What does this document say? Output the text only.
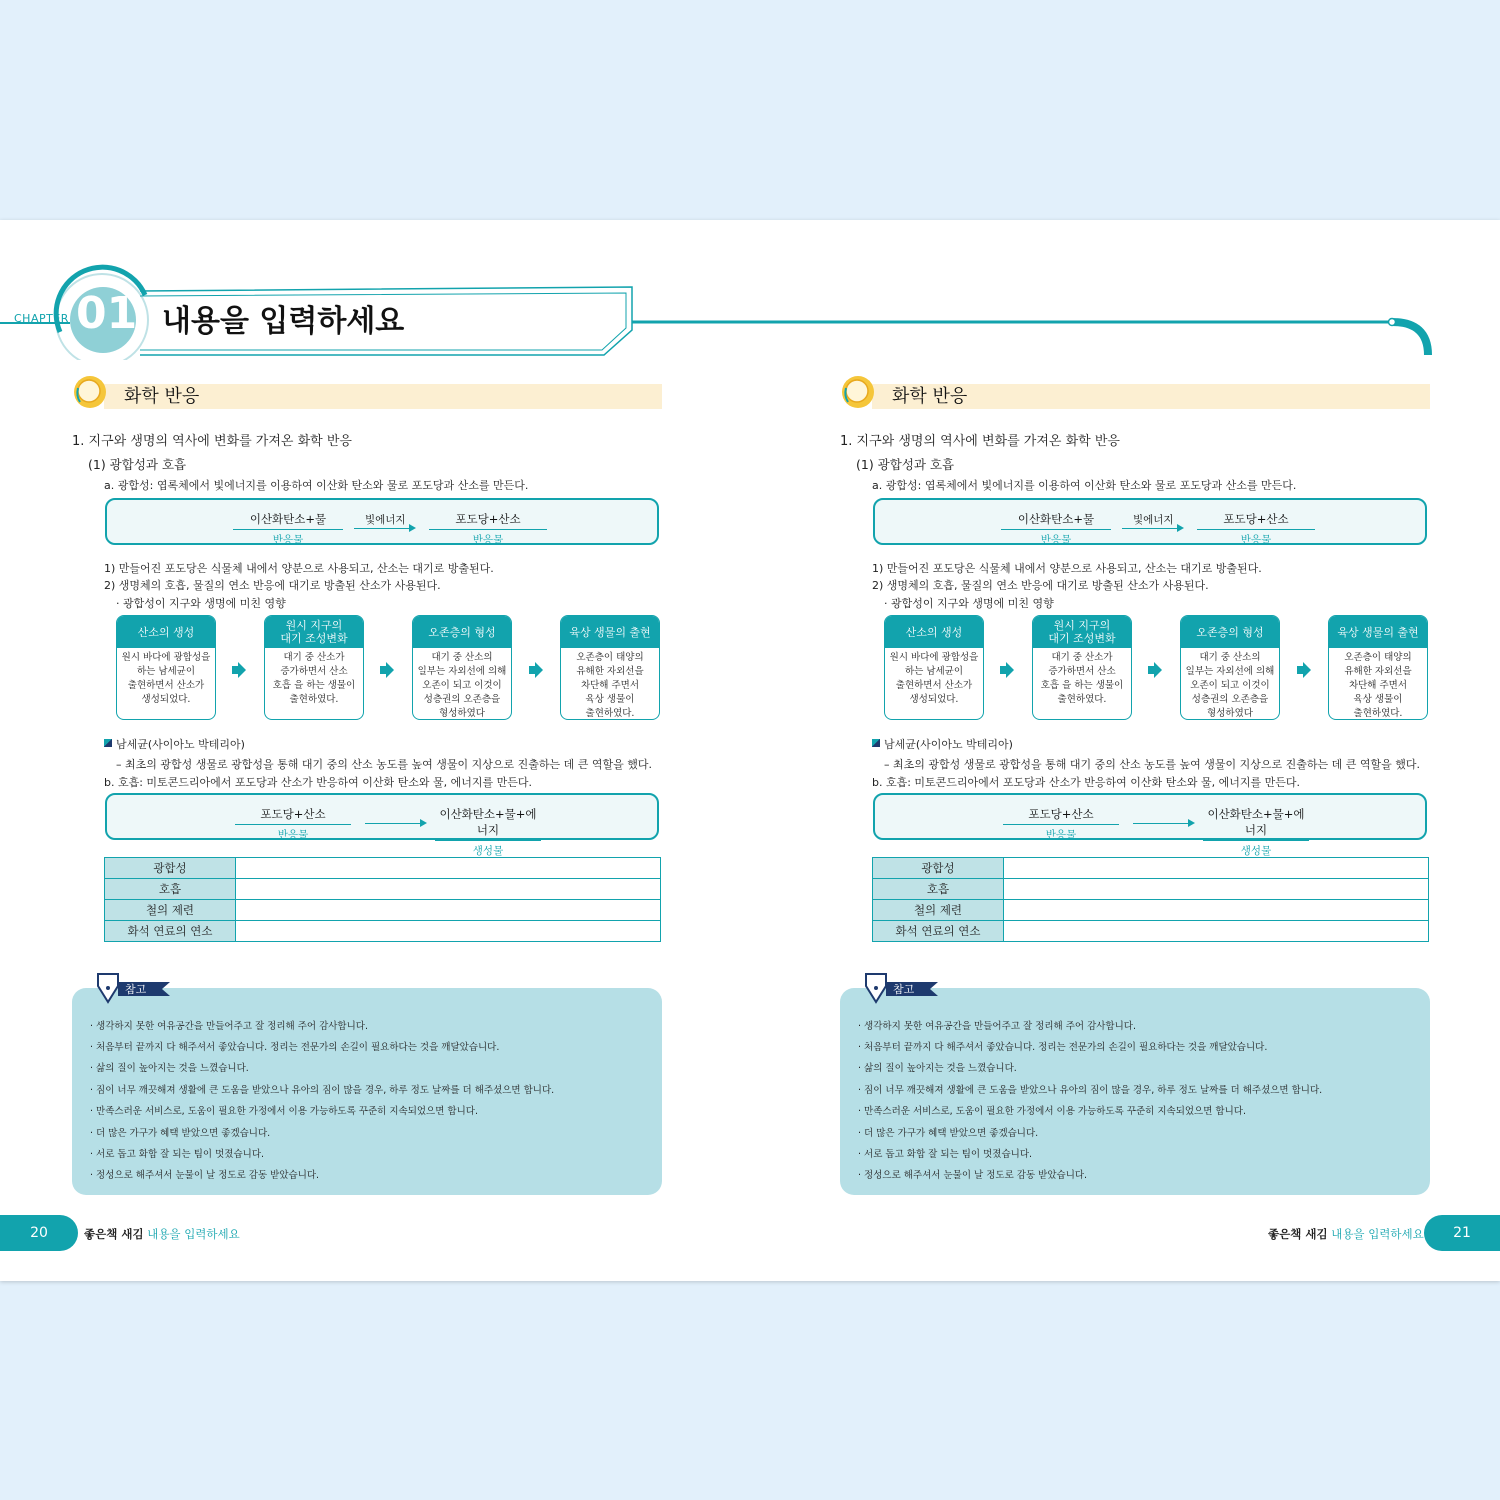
CHAPTER 01 내용을 입력하세요
화학 반응
1. 지구와 생명의 역사에 변화를 가져온 화학 반응
(1) 광합성과 호흡
a. 광합성: 엽록체에서 빛에너지를 이용하여 이산화 탄소와 물로 포도당과 산소를 만든다.
이산화탄소+물
반응물
빛에너지	포도당+산소
반응물
1) 만들어진 포도당은 식물체 내에서 양분으로 사용되고, 산소는 대기로 방출된다.
2) 생명체의 호흡, 물질의 연소 반응에 대기로 방출된 산소가 사용된다.
· 광합성이 지구와 생명에 미친 영향
산소의 생성
원시 바다에 광합성을
하는 남세균이
출현하면서 산소가
생성되었다.
원시 지구의
대기 조성변화
대기 중 산소가
증가하면서 산소
호흡 을 하는 생물이
출현하였다.
오존층의 형성
대기 중 산소의
일부는 자외선에 의해
오존이 되고 이것이
성층권의 오존층을
형성하였다
육상 생물의 출현
오존층이 태양의
유해한 자외선을
차단해 주면서
육상 생물이
출현하였다.
남세균(사이아노 박테리아)
– 최초의 광합성 생물로 광합성을 통해 대기 중의 산소 농도를 높여 생물이 지상으로 진출하는 데 큰 역할을 했다.
b. 호흡: 미토콘드리아에서 포도당과 산소가 반응하여 이산화 탄소와 물, 에너지를 만든다.
포도당+산소
반응물
이산화탄소+물+에너지
생성물
광합성	
호흡	
철의 제련	
화석 연료의 연소	
참고
· 생각하지 못한 여유공간을 만들어주고 잘 정리해 주어 감사합니다.
· 처음부터 끝까지 다 해주셔서 좋았습니다. 정리는 전문가의 손길이 필요하다는 것을 깨달았습니다.
· 삶의 질이 높아지는 것을 느꼈습니다.
· 짐이 너무 깨끗해져 생활에 큰 도움을 받았으나 유아의 짐이 많을 경우, 하루 정도 날짜를 더 해주셨으면 합니다.
· 만족스러운 서비스로, 도움이 필요한 가정에서 이용 가능하도록 꾸준히 지속되었으면 합니다.
· 더 많은 가구가 혜택 받았으면 좋겠습니다.
· 서로 돕고 화합 잘 되는 팀이 멋졌습니다.
· 정성으로 해주셔서 눈물이 날 정도로 감동 받았습니다.
20	좋은책 새김 내용을 입력하세요
화학 반응
1. 지구와 생명의 역사에 변화를 가져온 화학 반응
(1) 광합성과 호흡
a. 광합성: 엽록체에서 빛에너지를 이용하여 이산화 탄소와 물로 포도당과 산소를 만든다.
이산화탄소+물
반응물
빛에너지	포도당+산소
반응물
1) 만들어진 포도당은 식물체 내에서 양분으로 사용되고, 산소는 대기로 방출된다.
2) 생명체의 호흡, 물질의 연소 반응에 대기로 방출된 산소가 사용된다.
· 광합성이 지구와 생명에 미친 영향
산소의 생성
원시 바다에 광합성을
하는 남세균이
출현하면서 산소가
생성되었다.
원시 지구의
대기 조성변화
대기 중 산소가
증가하면서 산소
호흡 을 하는 생물이
출현하였다.
오존층의 형성
대기 중 산소의
일부는 자외선에 의해
오존이 되고 이것이
성층권의 오존층을
형성하였다
육상 생물의 출현
오존층이 태양의
유해한 자외선을
차단해 주면서
육상 생물이
출현하였다.
남세균(사이아노 박테리아)
– 최초의 광합성 생물로 광합성을 통해 대기 중의 산소 농도를 높여 생물이 지상으로 진출하는 데 큰 역할을 했다.
b. 호흡: 미토콘드리아에서 포도당과 산소가 반응하여 이산화 탄소와 물, 에너지를 만든다.
포도당+산소
반응물
이산화탄소+물+에너지
생성물
광합성	
호흡	
철의 제련	
화석 연료의 연소	
참고
· 생각하지 못한 여유공간을 만들어주고 잘 정리해 주어 감사합니다.
· 처음부터 끝까지 다 해주셔서 좋았습니다. 정리는 전문가의 손길이 필요하다는 것을 깨달았습니다.
· 삶의 질이 높아지는 것을 느꼈습니다.
· 짐이 너무 깨끗해져 생활에 큰 도움을 받았으나 유아의 짐이 많을 경우, 하루 정도 날짜를 더 해주셨으면 합니다.
· 만족스러운 서비스로, 도움이 필요한 가정에서 이용 가능하도록 꾸준히 지속되었으면 합니다.
· 더 많은 가구가 혜택 받았으면 좋겠습니다.
· 서로 돕고 화합 잘 되는 팀이 멋졌습니다.
· 정성으로 해주셔서 눈물이 날 정도로 감동 받았습니다.
좋은책 새김 내용을 입력하세요	21
